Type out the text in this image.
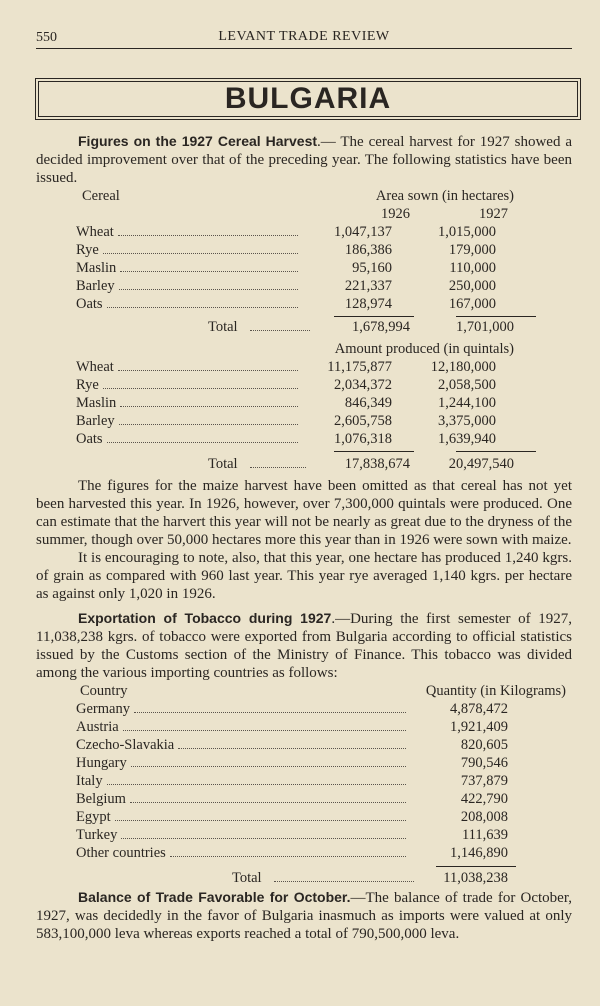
550	LEVANT TRADE REVIEW
BULGARIA

Figures on the 1927 Cereal Harvest.— The cereal harvest for 1927 showed a decided improvement over that of the preceding year. The following statistics have been issued.

Cereal	Area sown (in hectares)
1926	1927
Wheat	1,047,137	1,015,000
Rye	186,386	179,000
Maslin	95,160	110,000
Barley	221,337	250,000
Oats	128,974	167,000
Total	1,678,994	1,701,000
Amount produced (in quintals)
Wheat	11,175,877	12,180,000
Rye	2,034,372	2,058,500
Maslin	846,349	1,244,100
Barley	2,605,758	3,375,000
Oats	1,076,318	1,639,940
Total	17,838,674	20,497,540

The figures for the maize harvest have been omitted as that cereal has not yet been harvested this year. In 1926, however, over 7,300,000 quintals were produced. One can estimate that the harvert this year will not be nearly as great due to the dryness of the summer, though over 50,000 hectares more this year than in 1926 were sown with maize.

It is encouraging to note, also, that this year, one hectare has produced 1,240 kgrs. of grain as compared with 960 last year. This year rye averaged 1,140 kgrs. per hectare as against only 1,020 in 1926.

Exportation of Tobacco during 1927.—During the first semester of 1927, 11,038,238 kgrs. of tobacco were exported from Bulgaria according to official statistics issued by the Customs section of the Ministry of Finance. This tobacco was divided among the various importing countries as follows:

Country	Quantity (in Kilograms)
Germany	4,878,472
Austria	1,921,409
Czecho-Slavakia	820,605
Hungary	790,546
Italy	737,879
Belgium	422,790
Egypt	208,008
Turkey	111,639
Other countries	1,146,890
Total	11,038,238

Balance of Trade Favorable for October.—The balance of trade for October, 1927, was decidedly in the favor of Bulgaria inasmuch as imports were valued at only 583,100,000 leva whereas exports reached a total of 790,500,000 leva.
